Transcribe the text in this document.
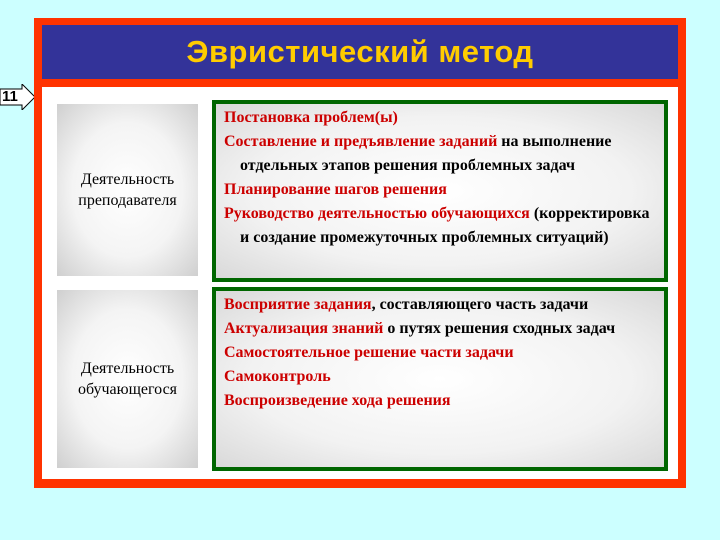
11
Эвристический метод
Деятельность
преподавателя
Постановка проблем(ы)
Составление и предъявление заданий на выполнение отдельных этапов решения проблемных задач
Планирование шагов решения
Руководство деятельностью обучающихся (корректировка и создание промежуточных проблемных ситуаций)
Деятельность
обучающегося
Восприятие задания, составляющего часть задачи
Актуализация знаний о путях решения сходных задач
Самостоятельное решение части задачи
Самоконтроль
Воспроизведение хода решения
